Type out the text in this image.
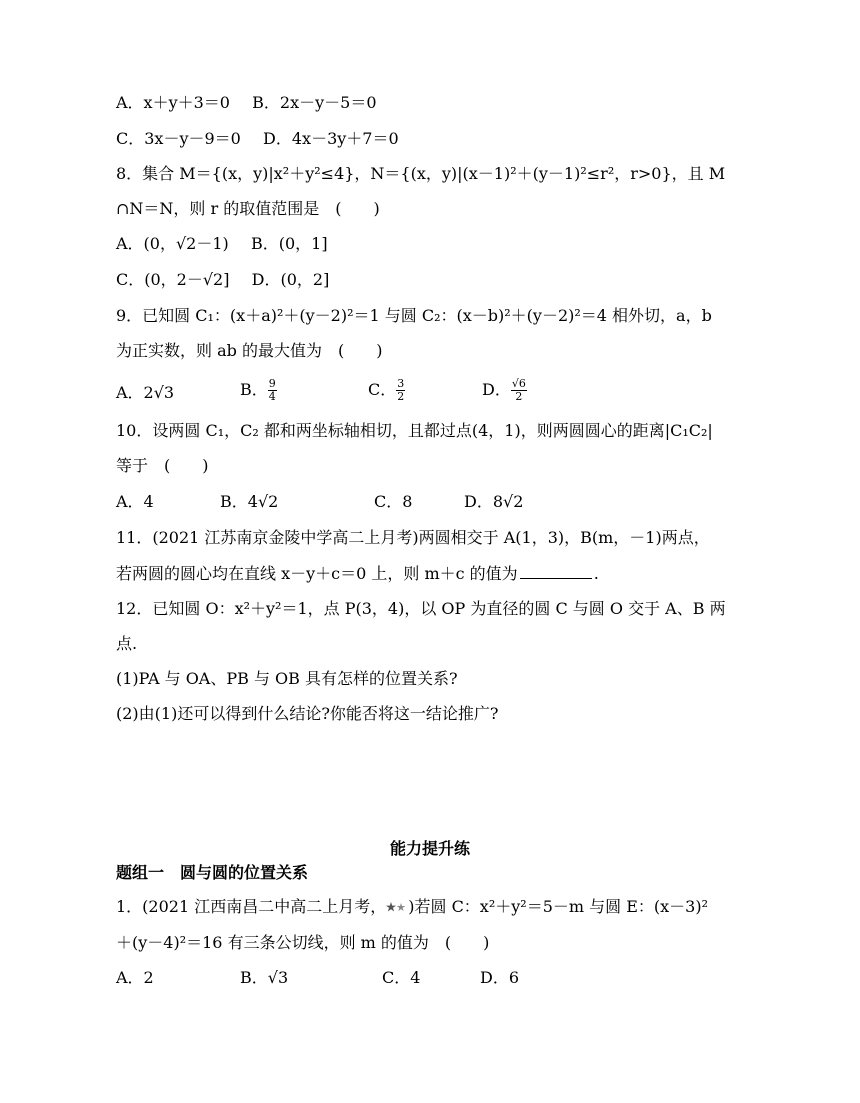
A．x＋y＋3＝0 B．2x－y－5＝0
C．3x－y－9＝0 D．4x－3y＋7＝0
8．集合 M＝{(x，y)|x²＋y²≤4}，N＝{(x，y)|(x－1)²＋(y－1)²≤r²，r>0}，且 M
∩N＝N，则 r 的取值范围是　(　　)
A．(0，√2－1) B．(0，1]
C．(0，2－√2] D．(0，2]
9．已知圆 C₁：(x＋a)²＋(y－2)²＝1 与圆 C₂：(x－b)²＋(y－2)²＝4 相外切，a，b
为正实数，则 ab 的最大值为　(　　)
A．2√3	B． $\frac{9}{4}$	C． $\frac{3}{2}$	D． $\frac{√6}{2}$
10．设两圆 C₁，C₂ 都和两坐标轴相切，且都过点(4，1)，则两圆圆心的距离|C₁C₂|
等于　(　　)
A．4	B．4√2	C．8	D．8√2
11．(2021 江苏南京金陵中学高二上月考)两圆相交于 A(1，3)，B(m，－1)两点，
若两圆的圆心均在直线 x－y＋c＝0 上，则 m＋c 的值为	.
12．已知圆 O：x²＋y²＝1，点 P(3，4)，以 OP 为直径的圆 C 与圆 O 交于 A、B 两
点.
(1)PA 与 OA、PB 与 OB 具有怎样的位置关系?
(2)由(1)还可以得到什么结论?你能否将这一结论推广?
能力提升练
题组一　圆与圆的位置关系
1．(2021 江西南昌二中高二上月考， )若圆 C：x²＋y²＝5－m 与圆 E：(x－3)²
＋(y－4)²＝16 有三条公切线，则 m 的值为　(　　)
A．2	B．√3	C．4	D．6
